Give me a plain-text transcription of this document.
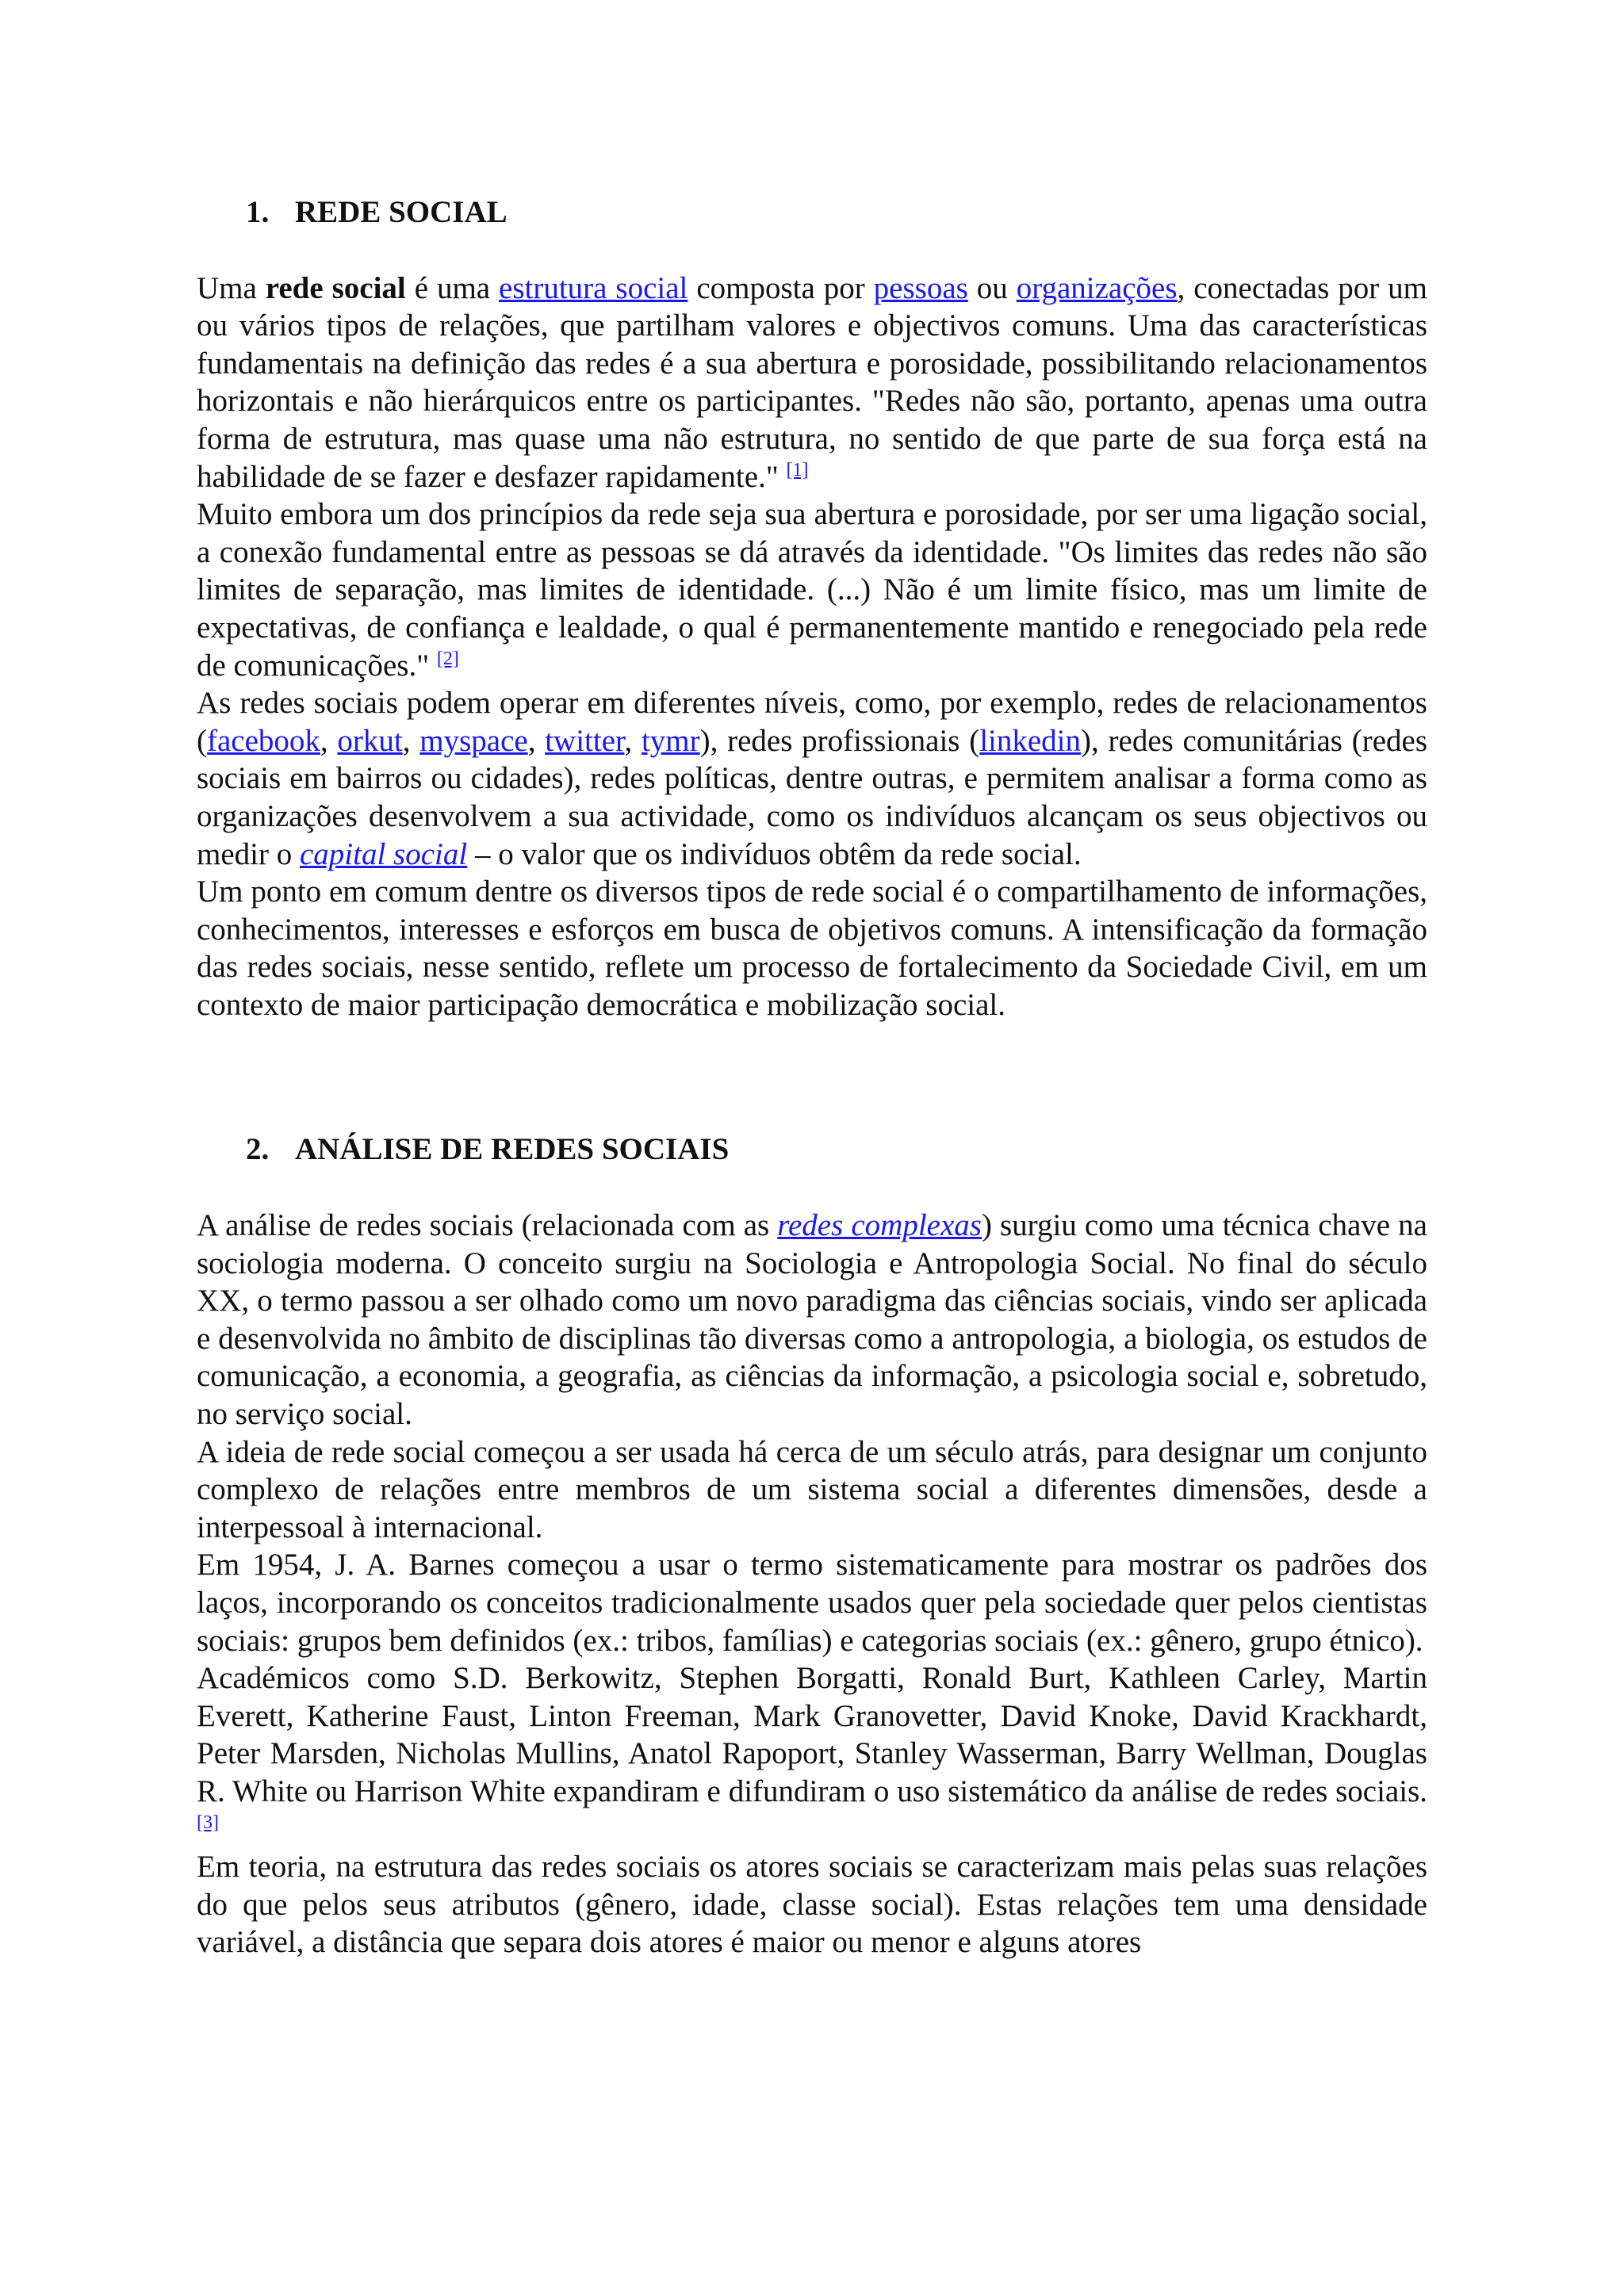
1. REDE SOCIAL

Uma rede social é uma estrutura social composta por pessoas ou organizações, conectadas por um ou vários tipos de relações, que partilham valores e objectivos comuns. Uma das características fundamentais na definição das redes é a sua abertura e porosidade, possibilitando relacionamentos horizontais e não hierárquicos entre os participantes. "Redes não são, portanto, apenas uma outra forma de estrutura, mas quase uma não estrutura, no sentido de que parte de sua força está na habilidade de se fazer e desfazer rapidamente." [1]

Muito embora um dos princípios da rede seja sua abertura e porosidade, por ser uma ligação social, a conexão fundamental entre as pessoas se dá através da identidade. "Os limites das redes não são limites de separação, mas limites de identidade. (...) Não é um limite físico, mas um limite de expectativas, de confiança e lealdade, o qual é permanentemente mantido e renegociado pela rede de comunicações." [2]

As redes sociais podem operar em diferentes níveis, como, por exemplo, redes de relacionamentos (facebook, orkut, myspace, twitter, tymr), redes profissionais (linkedin), redes comunitárias (redes sociais em bairros ou cidades), redes políticas, dentre outras, e permitem analisar a forma como as organizações desenvolvem a sua actividade, como os indivíduos alcançam os seus objectivos ou medir o capital social – o valor que os indivíduos obtêm da rede social.

Um ponto em comum dentre os diversos tipos de rede social é o compartilhamento de informações, conhecimentos, interesses e esforços em busca de objetivos comuns. A intensificação da formação das redes sociais, nesse sentido, reflete um processo de fortalecimento da Sociedade Civil, em um contexto de maior participação democrática e mobilização social.

2. ANÁLISE DE REDES SOCIAIS

A análise de redes sociais (relacionada com as redes complexas) surgiu como uma técnica chave na sociologia moderna. O conceito surgiu na Sociologia e Antropologia Social. No final do século XX, o termo passou a ser olhado como um novo paradigma das ciências sociais, vindo ser aplicada e desenvolvida no âmbito de disciplinas tão diversas como a antropologia, a biologia, os estudos de comunicação, a economia, a geografia, as ciências da informação, a psicologia social e, sobretudo, no serviço social.

A ideia de rede social começou a ser usada há cerca de um século atrás, para designar um conjunto complexo de relações entre membros de um sistema social a diferentes dimensões, desde a interpessoal à internacional.

Em 1954, J. A. Barnes começou a usar o termo sistematicamente para mostrar os padrões dos laços, incorporando os conceitos tradicionalmente usados quer pela sociedade quer pelos cientistas sociais: grupos bem definidos (ex.: tribos, famílias) e categorias sociais (ex.: gênero, grupo étnico).

Académicos como S.D. Berkowitz, Stephen Borgatti, Ronald Burt, Kathleen Carley, Martin Everett, Katherine Faust, Linton Freeman, Mark Granovetter, David Knoke, David Krackhardt, Peter Marsden, Nicholas Mullins, Anatol Rapoport, Stanley Wasserman, Barry Wellman, Douglas R. White ou Harrison White expandiram e difundiram o uso sistemático da análise de redes sociais.[3]

Em teoria, na estrutura das redes sociais os atores sociais se caracterizam mais pelas suas relações do que pelos seus atributos (gênero, idade, classe social). Estas relações tem uma densidade variável, a distância que separa dois atores é maior ou menor e alguns atores
